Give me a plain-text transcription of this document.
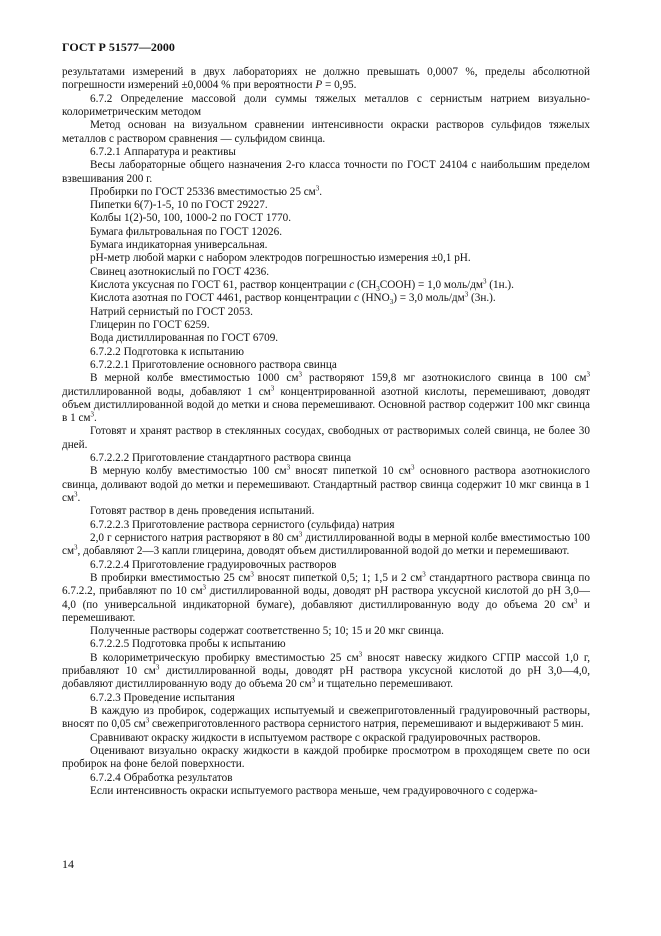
ГОСТ Р 51577—2000

результатами измерений в двух лабораториях не должно превышать 0,0007 %, пределы абсолютной погрешности измерений ±0,0004 % при вероятности P = 0,95.

6.7.2 Определение массовой доли суммы тяжелых металлов с сернистым натрием визуально-колориметрическим методом

Метод основан на визуальном сравнении интенсивности окраски растворов сульфидов тяжелых металлов с раствором сравнения — сульфидом свинца.

6.7.2.1 Аппаратура и реактивы

Весы лабораторные общего назначения 2-го класса точности по ГОСТ 24104 с наибольшим пределом взвешивания 200 г.

Пробирки по ГОСТ 25336 вместимостью 25 $см^3$.

Пипетки 6(7)-1-5, 10 по ГОСТ 29227.

Колбы 1(2)-50, 100, 1000-2 по ГОСТ 1770.

Бумага фильтровальная по ГОСТ 12026.

Бумага индикаторная универсальная.

рН-метр любой марки с набором электродов погрешностью измерения ±0,1 рН.

Свинец азотнокислый по ГОСТ 4236.

Кислота уксусная по ГОСТ 61, раствор концентрации c $(CH_3COOH) = 1,0$ моль/$дм^3$ (1н.).

Кислота азотная по ГОСТ 4461, раствор концентрации c $(HNO_3) = 3,0$ моль/$дм^3$ (3н.).

Натрий сернистый по ГОСТ 2053.

Глицерин по ГОСТ 6259.

Вода дистиллированная по ГОСТ 6709.

6.7.2.2 Подготовка к испытанию

6.7.2.2.1 Приготовление основного раствора свинца

В мерной колбе вместимостью 1000 $см^3$ растворяют 159,8 мг азотнокислого свинца в 100 $см^3$ дистиллированной воды, добавляют 1 $см^3$ концентрированной азотной кислоты, перемешивают, доводят объем дистиллированной водой до метки и снова перемешивают. Основной раствор содержит 100 мкг свинца в 1 $см^3$.

Готовят и хранят раствор в стеклянных сосудах, свободных от растворимых солей свинца, не более 30 дней.

6.7.2.2.2 Приготовление стандартного раствора свинца

В мерную колбу вместимостью 100 $см^3$ вносят пипеткой 10 $см^3$ основного раствора азотнокислого свинца, доливают водой до метки и перемешивают. Стандартный раствор свинца содержит 10 мкг свинца в 1 $см^3$.

Готовят раствор в день проведения испытаний.

6.7.2.2.3 Приготовление раствора сернистого (сульфида) натрия

2,0 г сернистого натрия растворяют в 80 $см^3$ дистиллированной воды в мерной колбе вместимостью 100 $см^3$, добавляют 2—3 капли глицерина, доводят объем дистиллированной водой до метки и перемешивают.

6.7.2.2.4 Приготовление градуировочных растворов

В пробирки вместимостью 25 $см^3$ вносят пипеткой 0,5; 1; 1,5 и 2 $см^3$ стандартного раствора свинца по 6.7.2.2, прибавляют по 10 $см^3$ дистиллированной воды, доводят рН раствора уксусной кислотой до рН 3,0—4,0 (по универсальной индикаторной бумаге), добавляют дистиллированную воду до объема 20 $см^3$ и перемешивают.

Полученные растворы содержат соответственно 5; 10; 15 и 20 мкг свинца.

6.7.2.2.5 Подготовка пробы к испытанию

В колориметрическую пробирку вместимостью 25 $см^3$ вносят навеску жидкого СГПР массой 1,0 г, прибавляют 10 $см^3$ дистиллированной воды, доводят рН раствора уксусной кислотой до рН 3,0—4,0, добавляют дистиллированную воду до объема 20 $см^3$ и тщательно перемешивают.

6.7.2.3 Проведение испытания

В каждую из пробирок, содержащих испытуемый и свежеприготовленный градуировочный растворы, вносят по 0,05 $см^3$ свежеприготовленного раствора сернистого натрия, перемешивают и выдерживают 5 мин.

Сравнивают окраску жидкости в испытуемом растворе с окраской градуировочных растворов.

Оценивают визуально окраску жидкости в каждой пробирке просмотром в проходящем свете по оси пробирок на фоне белой поверхности.

6.7.2.4 Обработка результатов

Если интенсивность окраски испытуемого раствора меньше, чем градуировочного с содержа-

14
